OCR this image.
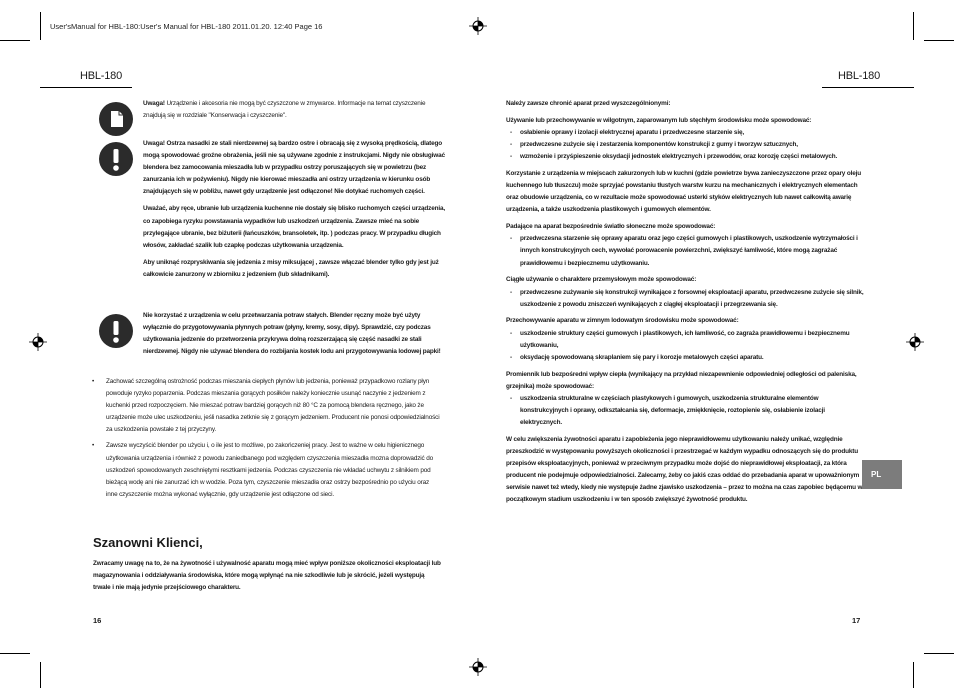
User'sManual for HBL-180:User's Manual for HBL-180 2011.01.20. 12:40 Page 16
HBL-180

Uwaga! Urządzenie i akcesoria nie mogą być czyszczone w zmywarce. Informacje na temat czyszczenie znajdują się w rozdziale "Konserwacja i czyszczenie".

Uwaga! Ostrza nasadki ze stali nierdzewnej są bardzo ostre i obracają się z wysoką prędkością, dlatego mogą spowodować groźne obrażenia, jeśli nie są używane zgodnie z instrukcjami. Nigdy nie obsługiwać blendera bez zamocowania mieszadła lub w przypadku ostrzy poruszających się w powietrzu (bez zanurzania ich w pożywieniu). Nigdy nie kierować mieszadła ani ostrzy urządzenia w kierunku osób znajdujących się w pobliżu, nawet gdy urządzenie jest odłączone! Nie dotykać ruchomych części.

Uważać, aby ręce, ubranie lub urządzenia kuchenne nie dostały się blisko ruchomych części urządzenia, co zapobiega ryzyku powstawania wypadków lub uszkodzeń urządzenia. Zawsze mieć na sobie przylegające ubranie, bez biżuterii (łańcuszków, bransoletek, itp. ) podczas pracy. W przypadku długich włosów, zakładać szalik lub czapkę podczas użytkowania urządzenia.

Aby uniknąć rozpryskiwania się jedzenia z misy miksującej , zawsze włączać blender tylko gdy jest już całkowicie zanurzony w zbiorniku z jedzeniem (lub składnikami).

Nie korzystać z urządzenia w celu przetwarzania potraw stałych. Blender ręczny może być użyty wyłącznie do przygotowywania płynnych potraw (płyny, kremy, sosy, dipy). Sprawdzić, czy podczas użytkowania jedzenie do przetworzenia przykrywa dolną rozszerzającą się część nasadki ze stali nierdzewnej. Nigdy nie używać blendera do rozbijania kostek lodu ani przygotowywania lodowej papki!

• Zachować szczególną ostrożność podczas mieszania ciepłych płynów lub jedzenia, ponieważ przypadkowo rozlany płyn powoduje ryzyko poparzenia. Podczas mieszania gorących posiłków należy koniecznie usunąć naczynie z jedzeniem z kuchenki przed rozpoczęciem. Nie mieszać potraw bardziej gorących niż 80 °C za pomocą blendera ręcznego, jako że urządzenie może ulec uszkodzeniu, jeśli nasadka zetknie się z gorącym jedzeniem. Producent nie ponosi odpowiedzialności za uszkodzenia powstałe z tej przyczyny.
• Zawsze wyczyścić blender po użyciu i, o ile jest to możliwe, po zakończeniej pracy. Jest to ważne w celu higienicznego użytkowania urządzenia i również z powodu zaniedbanego pod względem czyszczenia mieszadła mozna doprowadzić do uszkodzeń spowodowanych zeschniętymi resztkami jedzenia. Podczas czyszczenia nie wkładać uchwytu z silnikiem pod bieżącą wodę ani nie zanurzać ich w wodzie. Poza tym, czyszczenie mieszadła oraz ostrzy bezpośrednio po użyciu oraz inne czyszczenie można wykonać wyłącznie, gdy urządzenie jest odłączone od sieci.
Szanowni Klienci,
Zwracamy uwagę na to, że na żywotność i używalność aparatu mogą mieć wpływ poniższe okoliczności eksploatacji lub magazynowania i oddziaływania środowiska, które mogą wpłynąć na nie szkodliwie lub je skrócić, jeżeli występują trwale i nie mają jedynie przejściowego charakteru.
16
HBL-180
Należy zawsze chronić aparat przed wyszczególnionymi:
Używanie lub przechowywanie w wilgotnym, zaparowanym lub stęchłym środowisku może spowodować:
- osłabienie oprawy i izolacji elektrycznej aparatu i przedwczesne starzenie się,
- przedwczesne zużycie się i zestarzenia komponentów konstrukcji z gumy i tworzyw sztucznych,
- wzmożenie i przyśpieszenie oksydacji jednostek elektrycznych i przewodów, oraz korozję części metalowych.
Korzystanie z urządzenia w miejscach zakurzonych lub w kuchni (gdzie powietrze bywa zanieczyszczone przez opary oleju kuchennego lub tłuszczu) może sprzyjać powstaniu tłustych warstw kurzu na mechanicznych i elektrycznych elementach oraz obudowie urządzenia, co w rezultacie może spowodować usterki styków elektrycznych lub nawet całkowitą awarię urządzenia, a także uszkodzenia plastikowych i gumowych elementów.
Padające na aparat bezpośrednie światło słoneczne może spowodować:
- przedwczesna starzenie się oprawy aparatu oraz jego części gumowych i plastikowych, uszkodzenie wytrzymałości i innych konstrukcyjnych cech, wywołać porowacenie powierzchni, zwiększyć łamliwość, które mogą zagrażać prawidłowemu i bezpiecznemu użytkowaniu.
Ciągłe używanie o charaktere przemysłowym może spowodować:
- przedwczesne zużywanie się konstrukcji wynikające z forsownej eksploatacji aparatu, przedwczesne zużycie się silnik, uszkodzenie z powodu zniszczeń wynikających z ciągłej eksploatacji i przegrzewania się.
Przechowywanie aparatu w zimnym lodowatym środowisku może spowodować:
- uszkodzenie struktury części gumowych i plastikowych, ich łamliwość, co zagraża prawidłowemu i bezpiecznemu użytkowaniu,
- oksydację spowodowaną skraplaniem się pary i korozje metalowych części aparatu.
Promiennik lub bezpośredni wpływ ciepła (wynikający na przykład niezapewnienie odpowiedniej odległości od paleniska, grzejnika) może spowodować:
- uszkodzenia strukturalne w częściach plastykowych i gumowych, uszkodzenia strukturalne elementów konstrukcyjnych i oprawy, odkształcania się, deformacje, zmiękknięcie, roztopienie się, osłabienie izolacji elektrycznych.
W celu zwiększenia żywotności aparatu i zapobieżenia jego nieprawidłowemu użytkowaniu należy unikać, względnie przeszkodzić w występowaniu powyższych okoliczności i przestrzegać w każdym wypadku odnoszących się do produktu przepisów eksploatacyjnych, ponieważ w przeciwnym przypadku może dojść do nieprawidłowej eksploatacji, za która producent nie podejmuje odpowiedzialności. Zalecamy, żeby co jakiś czas oddać do przebadania aparat w upoważnionym serwisie nawet też wtedy, kiedy nie występuje żadne zjawisko uszkodzenia – przez to można na czas zapobiec będącemu w początkowym stadium uszkodzeniu i w ten sposób zwiększyć żywotność produktu.
PL
17
